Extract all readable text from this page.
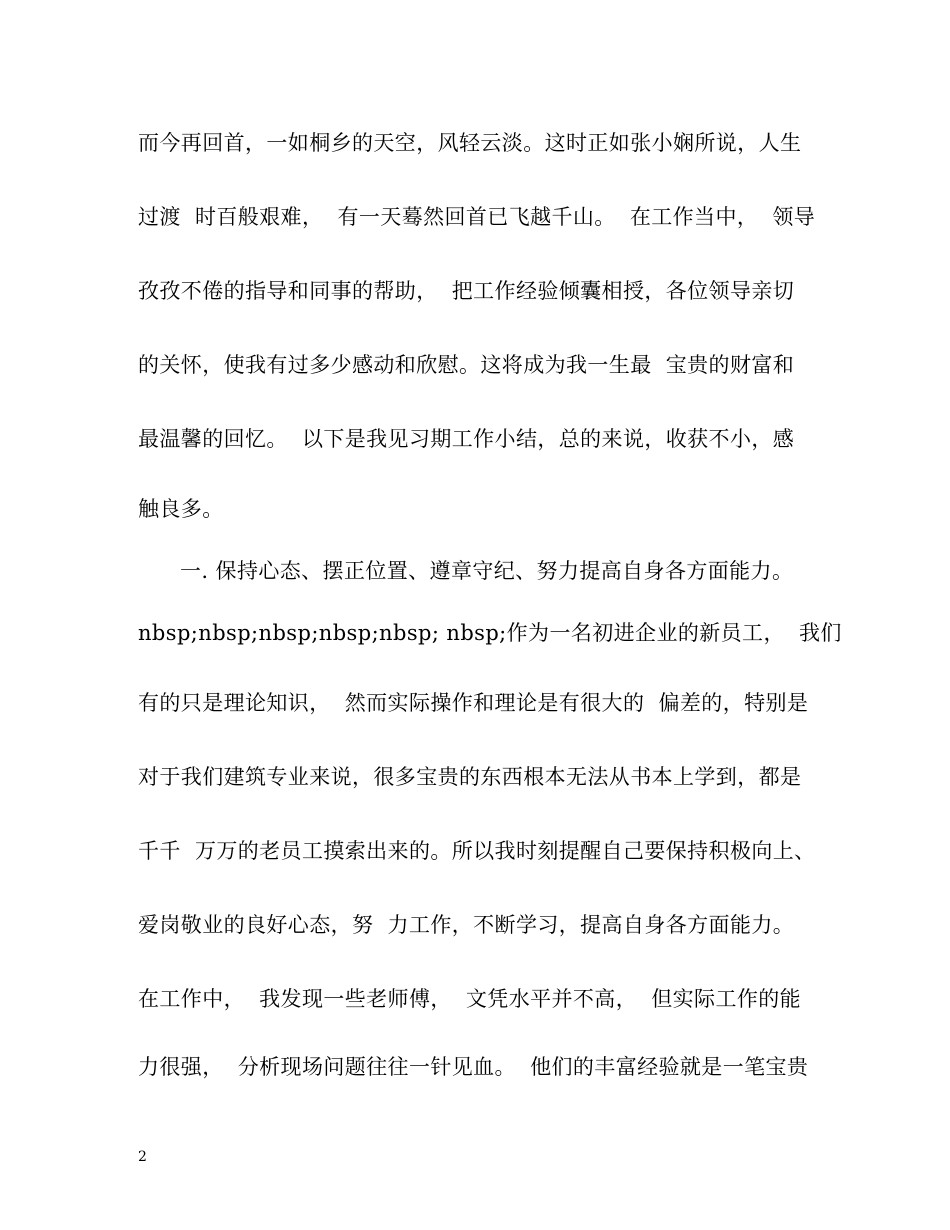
而今再回首，一如桐乡的天空，风轻云淡。这时正如张小娴所说，人生
过渡  时百般艰难，  有一天蓦然回首已飞越千山。  在工作当中，  领导
孜孜不倦的指导和同事的帮助，  把工作经验倾囊相授，各位领导亲切
的关怀，使我有过多少感动和欣慰。这将成为我一生最  宝贵的财富和
最温馨的回忆。  以下是我见习期工作小结，总的来说，收获不小，感
触良多。
一. 保持心态、摆正位置、遵章守纪、努力提高自身各方面能力。
nbsp;nbsp;nbsp;nbsp;nbsp; nbsp;作为一名初进企业的新员工，  我们
有的只是理论知识，  然而实际操作和理论是有很大的  偏差的，特别是
对于我们建筑专业来说，很多宝贵的东西根本无法从书本上学到，都是
千千  万万的老员工摸索出来的。所以我时刻提醒自己要保持积极向上、
爱岗敬业的良好心态，努  力工作，不断学习，提高自身各方面能力。
在工作中，  我发现一些老师傅，  文凭水平并不高，  但实际工作的能
力很强，  分析现场问题往往一针见血。  他们的丰富经验就是一笔宝贵
2
